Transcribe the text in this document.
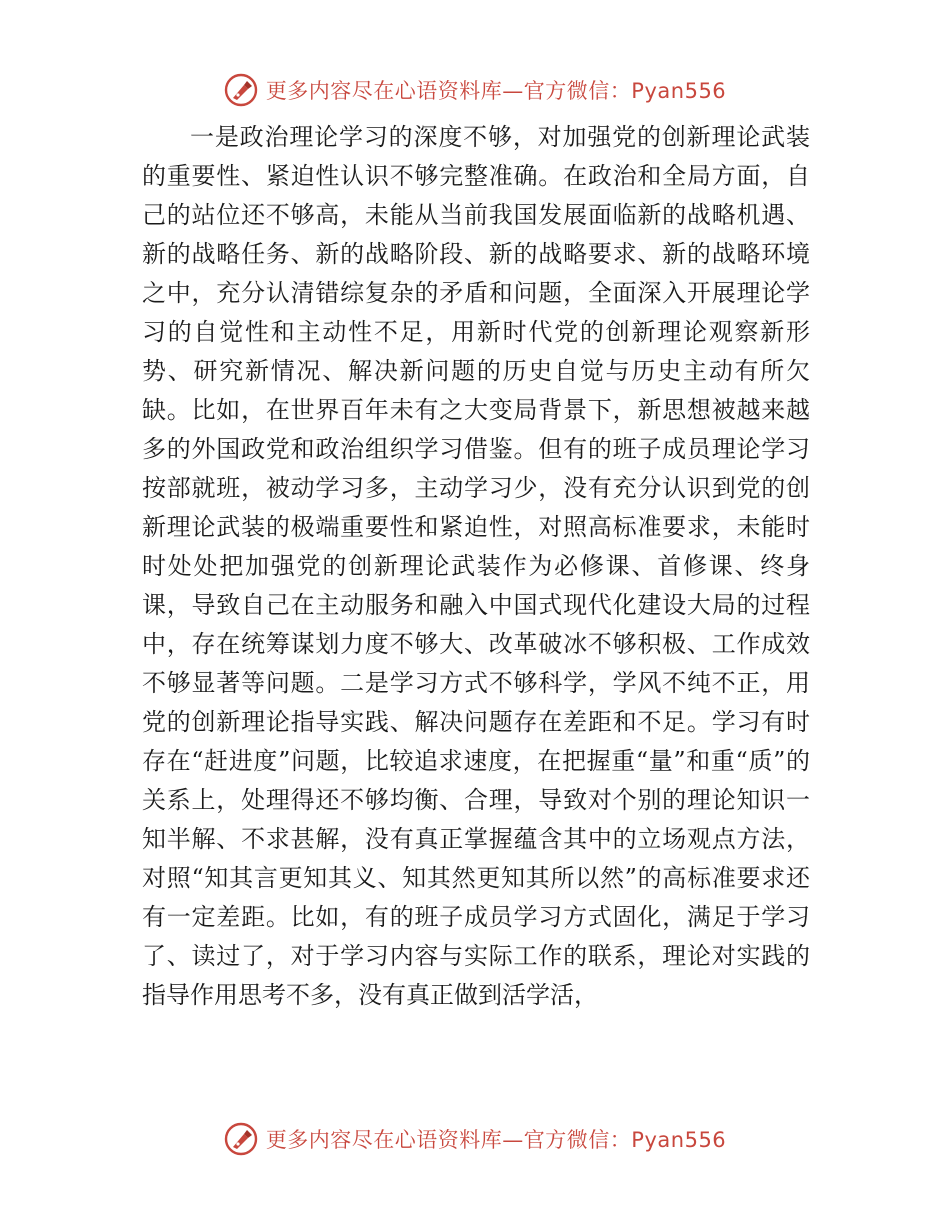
更多内容尽在心语资料库—官方微信：Pyan556

一是政治理论学习的深度不够，对加强党的创新理论武装的重要性、紧迫性认识不够完整准确。在政治和全局方面，自己的站位还不够高，未能从当前我国发展面临新的战略机遇、新的战略任务、新的战略阶段、新的战略要求、新的战略环境之中，充分认清错综复杂的矛盾和问题，全面深入开展理论学习的自觉性和主动性不足，用新时代党的创新理论观察新形势、研究新情况、解决新问题的历史自觉与历史主动有所欠缺。比如，在世界百年未有之大变局背景下，新思想被越来越多的外国政党和政治组织学习借鉴。但有的班子成员理论学习按部就班，被动学习多，主动学习少，没有充分认识到党的创新理论武装的极端重要性和紧迫性，对照高标准要求，未能时时处处把加强党的创新理论武装作为必修课、首修课、终身课，导致自己在主动服务和融入中国式现代化建设大局的过程中，存在统筹谋划力度不够大、改革破冰不够积极、工作成效不够显著等问题。二是学习方式不够科学，学风不纯不正，用党的创新理论指导实践、解决问题存在差距和不足。学习有时存在“赶进度”问题，比较追求速度，在把握重“量”和重“质”的关系上，处理得还不够均衡、合理，导致对个别的理论知识一知半解、不求甚解，没有真正掌握蕴含其中的立场观点方法，对照“知其言更知其义、知其然更知其所以然”的高标准要求还有一定差距。比如，有的班子成员学习方式固化，满足于学习了、读过了，对于学习内容与实际工作的联系，理论对实践的指导作用思考不多，没有真正做到活学活，

更多内容尽在心语资料库—官方微信：Pyan556
